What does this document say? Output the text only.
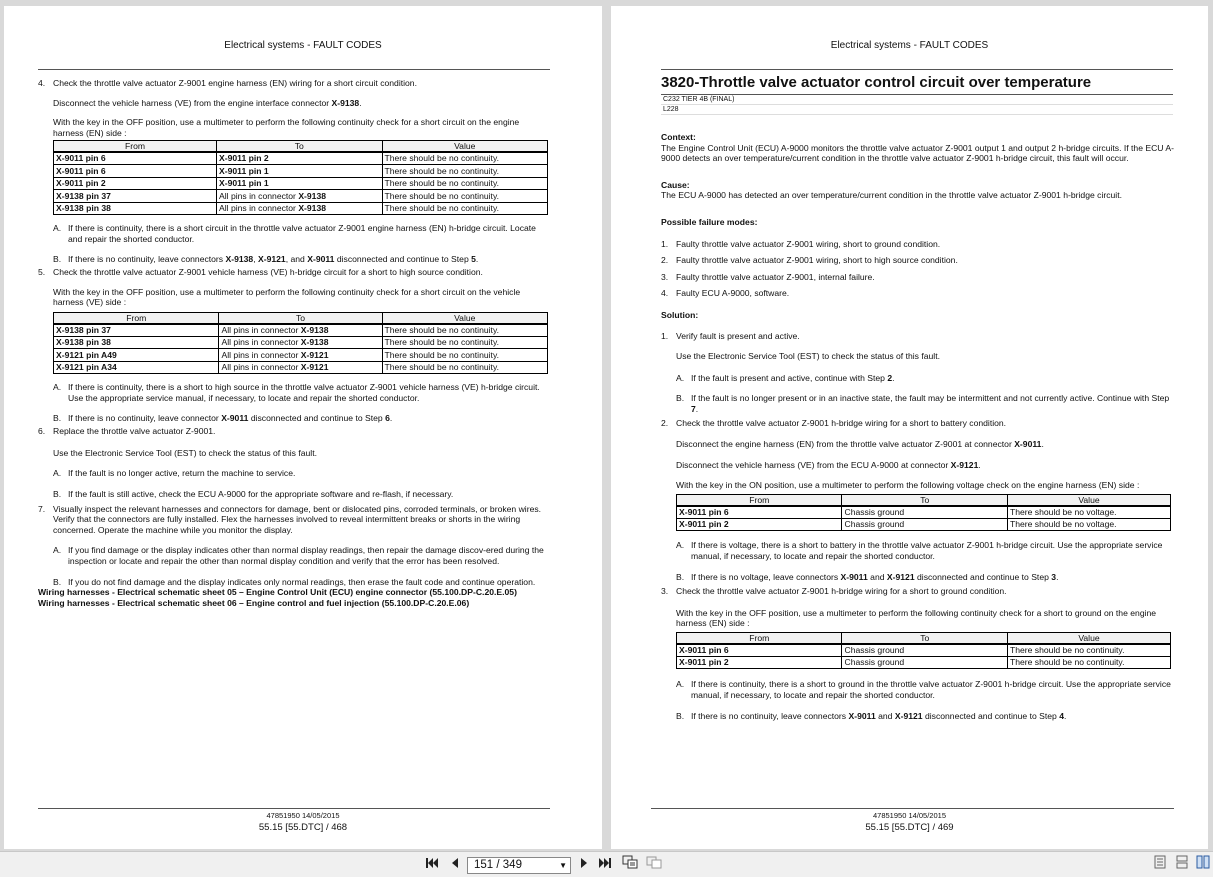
Electrical systems - FAULT CODES
4. Check the throttle valve actuator Z-9001 engine harness (EN) wiring for a short circuit condition.
Disconnect the vehicle harness (VE) from the engine interface connector X-9138.
With the key in the OFF position, use a multimeter to perform the following continuity check for a short circuit on the engine harness (EN) side :
From	To	Value
X-9011 pin 6	X-9011 pin 2	There should be no continuity.
X-9011 pin 6	X-9011 pin 1	There should be no continuity.
X-9011 pin 2	X-9011 pin 1	There should be no continuity.
X-9138 pin 37	All pins in connector X-9138	There should be no continuity.
X-9138 pin 38	All pins in connector X-9138	There should be no continuity.
A. If there is continuity, there is a short circuit in the throttle valve actuator Z-9001 engine harness (EN) h-bridge circuit. Locate and repair the shorted conductor.
B. If there is no continuity, leave connectors X-9138, X-9121, and X-9011 disconnected and continue to Step 5.
5. Check the throttle valve actuator Z-9001 vehicle harness (VE) h-bridge circuit for a short to high source condition.
With the key in the OFF position, use a multimeter to perform the following continuity check for a short circuit on the vehicle harness (VE) side :
From	To	Value
X-9138 pin 37	All pins in connector X-9138	There should be no continuity.
X-9138 pin 38	All pins in connector X-9138	There should be no continuity.
X-9121 pin A49	All pins in connector X-9121	There should be no continuity.
X-9121 pin A34	All pins in connector X-9121	There should be no continuity.
A. If there is continuity, there is a short to high source in the throttle valve actuator Z-9001 vehicle harness (VE) h-bridge circuit. Use the appropriate service manual, if necessary, to locate and repair the shorted conductor.
B. If there is no continuity, leave connector X-9011 disconnected and continue to Step 6.
6. Replace the throttle valve actuator Z-9001.
Use the Electronic Service Tool (EST) to check the status of this fault.
A. If the fault is no longer active, return the machine to service.
B. If the fault is still active, check the ECU A-9000 for the appropriate software and re-flash, if necessary.
7. Visually inspect the relevant harnesses and connectors for damage, bent or dislocated pins, corroded terminals, or broken wires. Verify that the connectors are fully installed. Flex the harnesses involved to reveal intermittent breaks or shorts in the wiring concerned. Operate the machine while you monitor the display.
A. If you find damage or the display indicates other than normal display readings, then repair the damage discov-ered during the inspection or locate and repair the other than normal display condition and verify that the error has been resolved.
B. If you do not find damage and the display indicates only normal readings, then erase the fault code and continue operation.
Wiring harnesses - Electrical schematic sheet 05 – Engine Control Unit (ECU) engine connector (55.100.DP-C.20.E.05)
Wiring harnesses - Electrical schematic sheet 06 – Engine control and fuel injection (55.100.DP-C.20.E.06)
47851950 14/05/2015
55.15 [55.DTC] / 468
Electrical systems - FAULT CODES
3820-Throttle valve actuator control circuit over temperature
C232 TIER 4B (FINAL)
L228
Context:
The Engine Control Unit (ECU) A-9000 monitors the throttle valve actuator Z-9001 output 1 and output 2 h-bridge circuits. If the ECU A-9000 detects an over temperature/current condition in the throttle valve actuator Z-9001 h-bridge circuit, this fault will occur.
Cause:
The ECU A-9000 has detected an over temperature/current condition in the throttle valve actuator Z-9001 h-bridge circuit.
Possible failure modes:
1. Faulty throttle valve actuator Z-9001 wiring, short to ground condition.
2. Faulty throttle valve actuator Z-9001 wiring, short to high source condition.
3. Faulty throttle valve actuator Z-9001, internal failure.
4. Faulty ECU A-9000, software.
Solution:
1. Verify fault is present and active.
Use the Electronic Service Tool (EST) to check the status of this fault.
A. If the fault is present and active, continue with Step 2.
B. If the fault is no longer present or in an inactive state, the fault may be intermittent and not currently active. Continue with Step 7.
2. Check the throttle valve actuator Z-9001 h-bridge wiring for a short to battery condition.
Disconnect the engine harness (EN) from the throttle valve actuator Z-9001 at connector X-9011.
Disconnect the vehicle harness (VE) from the ECU A-9000 at connector X-9121.
With the key in the ON position, use a multimeter to perform the following voltage check on the engine harness (EN) side :
From	To	Value
X-9011 pin 6	Chassis ground	There should be no voltage.
X-9011 pin 2	Chassis ground	There should be no voltage.
A. If there is voltage, there is a short to battery in the throttle valve actuator Z-9001 h-bridge circuit. Use the appropriate service manual, if necessary, to locate and repair the shorted conductor.
B. If there is no voltage, leave connectors X-9011 and X-9121 disconnected and continue to Step 3.
3. Check the throttle valve actuator Z-9001 h-bridge wiring for a short to ground condition.
With the key in the OFF position, use a multimeter to perform the following continuity check for a short to ground on the engine harness (EN) side :
From	To	Value
X-9011 pin 6	Chassis ground	There should be no continuity.
X-9011 pin 2	Chassis ground	There should be no continuity.
A. If there is continuity, there is a short to ground in the throttle valve actuator Z-9001 h-bridge circuit. Use the appropriate service manual, if necessary, to locate and repair the shorted conductor.
B. If there is no continuity, leave connectors X-9011 and X-9121 disconnected and continue to Step 4.
47851950 14/05/2015
55.15 [55.DTC] / 469
151 / 349	▼
